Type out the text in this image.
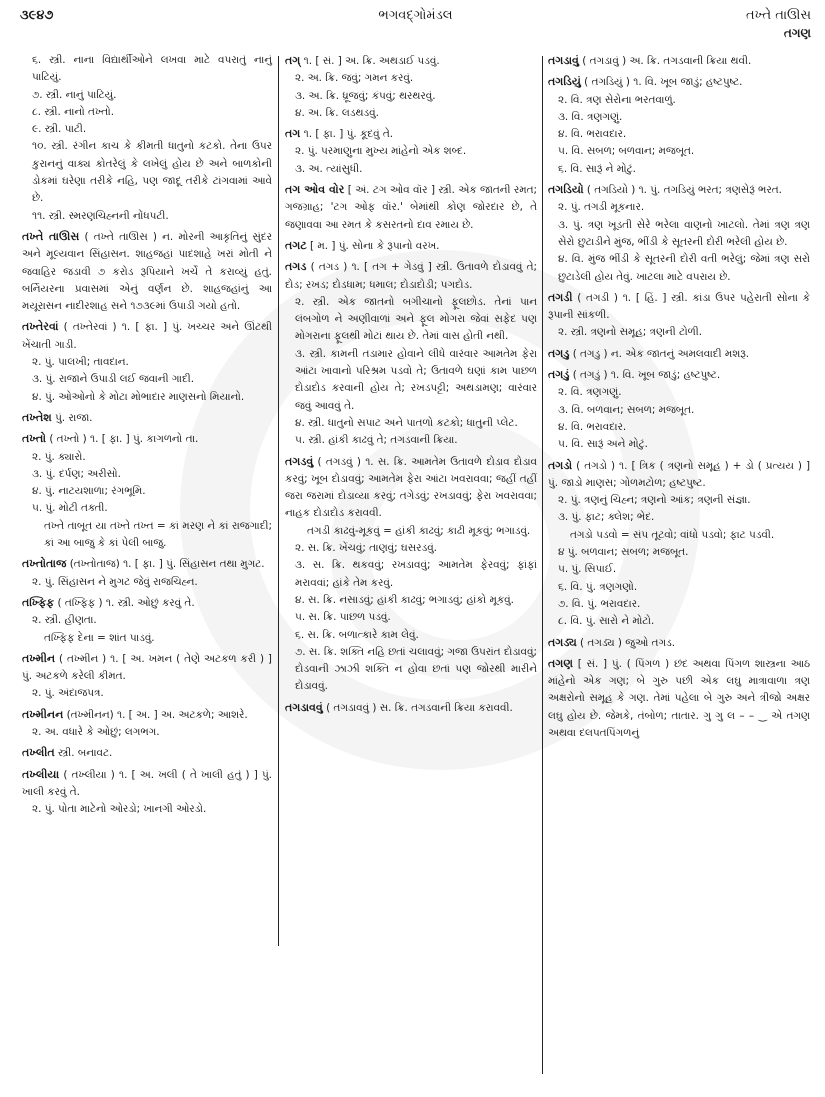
૩૯૪૭	ભગવદ્ગોમંડલ	તખ્તે તાઊસ
તગણ

૬. સ્ત્રી. નાના વિદ્યાર્થીઓને લખવા માટે વપરાતું નાનું પાટિયું.

૭. સ્ત્રી. નાનું પાટિયું.

૮. સ્ત્રી. નાનો તખ્તો.

૯. સ્ત્રી. પાટી.

૧૦. સ્ત્રી. રંગીન કાચ કે કીમતી ધાતુનો કટકો. તેના ઉપર કુરાનનું વાક્ય કોતરેલું કે લખેલું હોય છે અને બાળકોની ડોકમાં ઘરેણા તરીકે નહિ, પણ જાદૂ તરીકે ટાંગવામાં આવે છે.

૧૧. સ્ત્રી. સ્મરણચિહ્નની નોંધપટી.

તખ્તે તાઊસ ( તખ્તે તાઊસ ) ન. મોરની આકૃતિનું સુંદર અને મૂલ્યવાન સિંહાસન. શાહજહાં પાદશાહે ખરાં મોતી ને જવાહિર જડાવી ૭ કરોડ રૂપિયાને ખર્ચે તે કરાવ્યું હતું. બર્નિયરના પ્રવાસમાં એનું વર્ણન છે. શાહજહાંનું આ મયૂરાસન નાદીરશાહ સને ૧૭૩૯માં ઉપાડી ગયો હતો.

તખ્તેરવાં ( તખ્તેરવાં ) ૧. [ ફા. ] પું. ખચ્ચર અને ઊંટથી ખેંચાતી ગાડી.

૨. પું. પાલખી; તાવદાન.

૩. પું. રાજાને ઉપાડી લઈ જવાની ગાદી.

૪. પું. ઓઓનો કે મોટા મોભાદાર માણસનો મિયાનો.

તખ્તેશ પું. રાજા.

તખ્તો ( તખ્તો ) ૧. [ ફા. ] પું. કાગળનો તા.

૨. પું. ક્યારો.

૩. પું. દર્પણ; અરીસો.

૪. પું. નાટયશાળા; રંગભૂમિ.

૫. પું. મોટી તક્તી.

તખ્તે તાબૂત યા તખ્તે તખ્ત = કાં મરણ ને કાં રાજગાદી; કાં આ બાજુ કે કાં પેલી બાજુ.

તખ્તોતાજ (તખ્તોતાજ) ૧. [ ફા. ] પું. સિંહાસન તથા મુગટ.

૨. પું. સિંહાસન ને મુગટ જેવું રાજચિહ્ન.

તખ્ફિફ ( તખ્ફિફ ) ૧. સ્ત્રી. ઓછું કરવું તે.

૨. સ્ત્રી. હીણતા.

તખ્ફિફ દેના = શાંત પાડવું.

તખ્મીન ( તખ્મીન ) ૧. [ અ. ખમન ( તેણે અટકળ કરી ) ] પું. અટકળે કરેલી કીમત.

૨. પું. અંદાજપત્ર.

તખ્મીનન (તખ્મીનન) ૧. [ અ. ] અ. અટકળે; આશરે.

૨. અ. વધારે કે ઓછું; લગભગ.

તખ્લીત સ્ત્રી. બનાવટ.

તખ્લીયા ( તખ્લીયા ) ૧. [ અ. ખલી ( તે ખાલી હતું ) ] પું. ખાલી કરવું તે.

૨. પું. પોતા માટેનો ઓરડો; ખાનગી ઓરડો.

તગ્ ૧. [ સં. ] અ. ક્રિ. અથડાઈ પડવું.

૨. અ. ક્રિ. જવું; ગમન કરવું.

૩. અ. ક્રિ. ધ્રૂજવું; કંપવું; થરથરવું.

૪. અ. ક્રિ. લડથડવું.

તગ ૧. [ ફા. ] પું. કૂદવું તે.

૨. પું. પરમાણુના મુખ્ય માંહેનો એક શબ્દ.

૩. અ. ત્યાંસુધી.

તગ ઓવ વોર [ અં. ટગ ઓવ વૉર ] સ્ત્રી. એક જાતની રમત; ગજગ્રાહ; 'ટગ ઓફ વૉર.' બેમાંથી કોણ જોરદાર છે, તે જણાવવા આ રમત કે કસરતનો દાવ રમાય છે.

તગટ [ મ. ] પું. સોના કે રૂપાનો વરખ.

તગડ ( તગડ ) ૧. [ તગ + ગેડવું ] સ્ત્રી. ઉતાવળે દોડાવવું તે; દોડ; રખડ; દોડધામ; ધમાલ; દોડાદોડી; પગદોડ.

૨. સ્ત્રી. એક જાતનો બગીચાનો ફૂલછોડ. તેનાં પાન લંબગોળ ને અણીવાળાં અને ફૂલ મોગરા જેવાં સફેદ પણ મોગરાના ફૂલથી મોટાં થાય છે. તેમાં વાસ હોતી નથી.

૩. સ્ત્રી. કામની તડામાર હોવાને લીધે વારંવાર આમતેમ ફેરા આંટા ખાવાનો પરિશ્રમ પડવો તે; ઉતાવળે ઘણાં કામ પાછળ દોડાદોડ કરવાની હોય તે; રખડપટ્ટી; અથડામણ; વારંવાર જવું આવવું તે.

૪. સ્ત્રી. ધાતુનો સપાટ અને પાતળો કટકો; ધાતુની પ્લેટ.

૫. સ્ત્રી. હાંકી કાઢવું તે; તગડવાની ક્રિયા.

તગડવું ( તગડવું ) ૧. સ. ક્રિ. આમતેમ ઉતાવળે દોડાવ દોડાવ કરવું; ખૂબ દોડાવવું; આમતેમ ફેરા આંટા ખવરાવવા; જહીં તહીં જરા જરામાં દોડાવ્યા કરવું; તગેડવું; રખડાવવું; ફેરા ખવરાવવા; નાહક દોડાદોડ કરાવવી.

તગડી કાઢવું-મૂકવું = હાંકી કાઢવું; કાઢી મૂકવું; ભગાડવું.

૨. સ. ક્રિ. ખેંચવું; તાણવું; ઘસરડવું.

૩. સ. ક્રિ. થકવવું; રખડાવવું; આમતેમ ફેરવવું; ફાંફાં મરાવવાં; હાંકે તેમ કરવું.

૪. સ. ક્રિ. નસાડવું; હાંકી કાઢવું; ભગાડવું; હાંકો મૂકવું.

૫. સ. ક્રિ. પાછળ પડવું.

૬. સ. ક્રિ. બળાત્કારે કામ લેવું.

૭. સ. ક્રિ. શક્તિ નહિ છતાં ચલાવવું; ગજા ઉપરાંત દોડાવવું; દોડવાની ઝાઝી શક્તિ ન હોવા છતાં પણ જોરથી મારીને દોડાવવું.

તગડાવવું ( તગડાવવું ) સ. ક્રિ. તગડવાની ક્રિયા કરાવવી.

તગડાવું ( તગડાવું ) અ. ક્રિ. તગડવાની ક્રિયા થવી.

તગડિયું ( તગડિયું ) ૧. વિ. ખૂબ જાડું; હષ્ટપુષ્ટ.

૨. વિ. ત્રણ સેરોના ભરતવાળું.

૩. વિ. ત્રણગણું.

૪. વિ. ભરાવદાર.

૫. વિ. સબળ; બળવાન; મજબૂત.

૬. વિ. સારૂં ને મોટું.

તગડિયો ( તગડિયો ) ૧. પું. તગડિયું ભરત; ત્રણસેરૂં ભરત.

૨. પું. તગડી મૂકનાર.

૩. પું. ત્રણ ખૂડતી સેરે ભરેલા વાણનો ખાટલો. તેમાં ત્રણ ત્રણ સેરો છુટાડીને મુંજ, ભીંડી કે સૂતરની દોરી ભરેલી હોય છે.

૪. વિ. મુંજ ભીંડી કે સૂતરની દોરી વતી ભરેલું; જેમાં ત્રણ સરો છુટાડેલી હોય તેવું. ખાટલા માટે વપરાય છે.

તગડી ( તગડી ) ૧. [ હિં. ] સ્ત્રી. કાંડા ઉપર પહેરાતી સોના કે રૂપાની સાંકળી.

૨. સ્ત્રી. ત્રણનો સમૂહ; ત્રણની ટોળી.

તગડુ ( તગડુ ) ન. એક જાતનું અમલવાદી મશરૂ.

તગડું ( તગડું ) ૧. વિ. ખૂબ જાડું; હષ્ટપુષ્ટ.

૨. વિ. ત્રણગણું.

૩. વિ. બળવાન; સબળ; મજબૂત.

૪. વિ. ભરાવદાર.

૫. વિ. સારૂં અને મોટું.

તગડો ( તગડો ) ૧. [ ત્રિક ( ત્રણનો સમૂહ ) + ડો ( પ્રત્યય ) ] પું. જાડો માણસ; ગોળમટોળ; હષ્ટપુષ્ટ.

૨. પું. ત્રણનું ચિહ્ન; ત્રણનો આંક; ત્રણની સંજ્ઞા.

૩. પું. ફાટ; ક્લેશ; ભેદ.

તગડો પડવો = સંપ તૂટવો; વાંધો પડવો; ફાટ પડવી.

૪ પું. બળવાન; સબળ; મજબૂત.

૫. પું. સિપાઈ.

૬. વિ. પું. ત્રણગણો.

૭. વિ. પું. ભરાવદાર.

૮. વિ. પું. સારો ને મોટો.

તગડ્ય ( તગડ્ય ) જુઓ તગડ.

તગણ [ સં. ] પું. ( પિંગળ ) છંદ અથવા પિંગળ શાસ્ત્રના આઠ માંહેનો એક ગણ; બે ગુરુ પછી એક લઘુ માત્રાવાળા ત્રણ અક્ષરોનો સમૂહ કે ગણ. તેમાં પહેલા બે ગુરુ અને ત્રીજો અક્ષર લઘુ હોય છે. જેમકે, તંબોળ; તાતાર. ગુ ગુ લ – – ‿ એ તગણ અથવા દલપતપિંગળનું
